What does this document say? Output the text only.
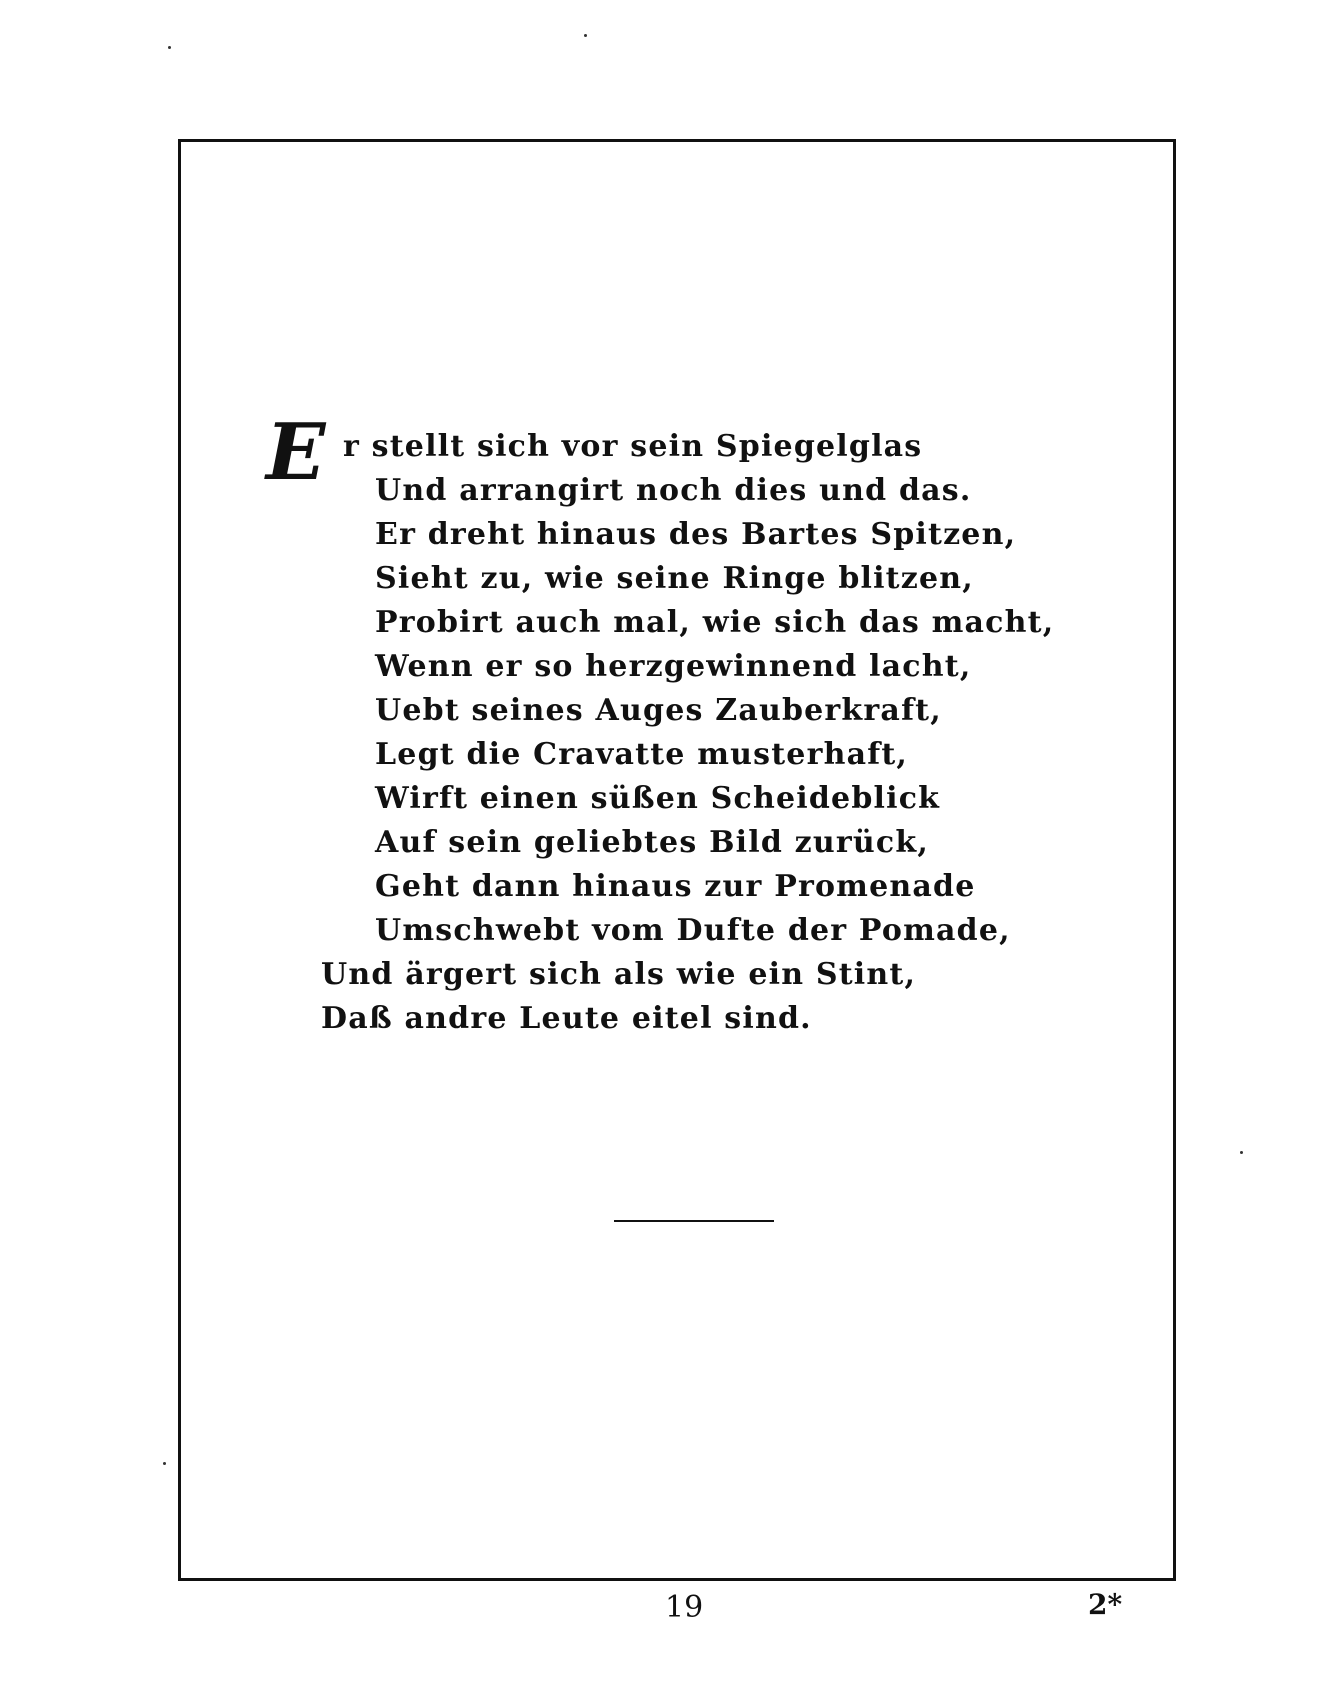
E r stellt sich vor sein Spiegelglas
Und arrangirt noch dies und das.
Er dreht hinaus des Bartes Spitzen,
Sieht zu, wie seine Ringe blitzen,
Probirt auch mal, wie sich das macht,
Wenn er so herzgewinnend lacht,
Uebt seines Auges Zauberkraft,
Legt die Cravatte musterhaft,
Wirft einen süßen Scheideblick
Auf sein geliebtes Bild zurück,
Geht dann hinaus zur Promenade
Umschwebt vom Dufte der Pomade,
Und ärgert sich als wie ein Stint,
Daß andre Leute eitel sind.
19	2*
